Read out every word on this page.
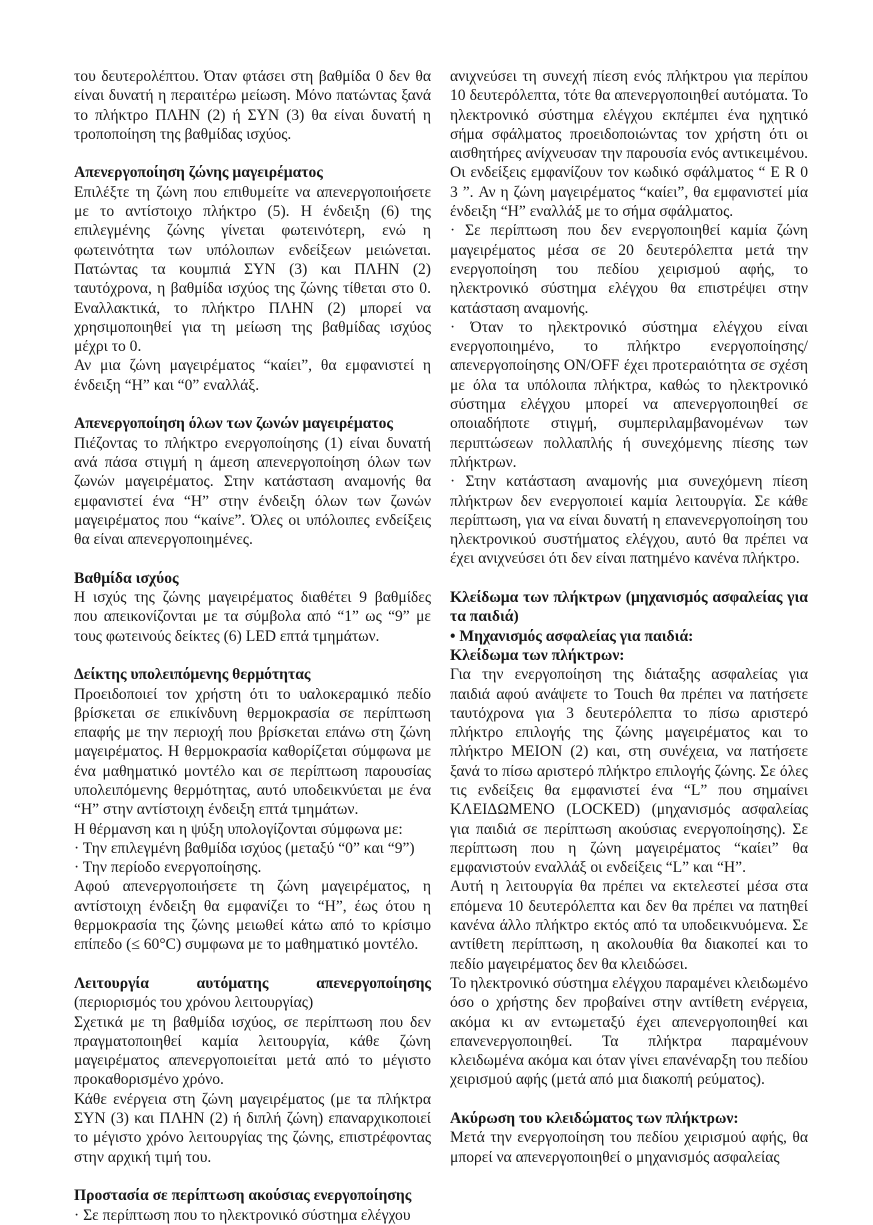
του δευτερολέπτου. Όταν φτάσει στη βαθμίδα 0 δεν θα είναι δυνατή η περαιτέρω μείωση. Μόνο πατώντας ξανά το πλήκτρο ΠΛΗΝ (2) ή ΣΥΝ (3) θα είναι δυνατή η τροποποίηση της βαθμίδας ισχύος.

Απενεργοποίηση ζώνης μαγειρέματος

Επιλέξτε τη ζώνη που επιθυμείτε να απενεργοποιήσετε με το αντίστοιχο πλήκτρο (5). Η ένδειξη (6) της επιλεγμένης ζώνης γίνεται φωτεινότερη, ενώ η φωτεινότητα των υπόλοιπων ενδείξεων μειώνεται. Πατώντας τα κουμπιά ΣΥΝ (3) και ΠΛΗΝ (2) ταυτόχρονα, η βαθμίδα ισχύος της ζώνης τίθεται στο 0. Εναλλακτικά, το πλήκτρο ΠΛΗΝ (2) μπορεί να χρησιμοποιηθεί για τη μείωση της βαθμίδας ισχύος μέχρι το 0.

Αν μια ζώνη μαγειρέματος “καίει”, θα εμφανιστεί η ένδειξη “H” και “0” εναλλάξ.

Απενεργοποίηση όλων των ζωνών μαγειρέματος

Πιέζοντας το πλήκτρο ενεργοποίησης (1) είναι δυνατή ανά πάσα στιγμή η άμεση απενεργοποίηση όλων των ζωνών μαγειρέματος. Στην κατάσταση αναμονής θα εμφανιστεί ένα “H” στην ένδειξη όλων των ζωνών μαγειρέματος που “καίνε”. Όλες οι υπόλοιπες ενδείξεις θα είναι απενεργοποιημένες.

Βαθμίδα ισχύος

Η ισχύς της ζώνης μαγειρέματος διαθέτει 9 βαθμίδες που απεικονίζονται με τα σύμβολα από “1” ως “9” με τους φωτεινούς δείκτες (6) LED επτά τμημάτων.

Δείκτης υπολειπόμενης θερμότητας

Προειδοποιεί τον χρήστη ότι το υαλοκεραμικό πεδίο βρίσκεται σε επικίνδυνη θερμοκρασία σε περίπτωση επαφής με την περιοχή που βρίσκεται επάνω στη ζώνη μαγειρέματος. Η θερμοκρασία καθορίζεται σύμφωνα με ένα μαθηματικό μοντέλο και σε περίπτωση παρουσίας υπολειπόμενης θερμότητας, αυτό υποδεικνύεται με ένα “H” στην αντίστοιχη ένδειξη επτά τμημάτων.

Η θέρμανση και η ψύξη υπολογίζονται σύμφωνα με:

· Την επιλεγμένη βαθμίδα ισχύος (μεταξύ “0” και “9”)

· Την περίοδο ενεργοποίησης.

Αφού απενεργοποιήσετε τη ζώνη μαγειρέματος, η αντίστοιχη ένδειξη θα εμφανίζει το “H”, έως ότου η θερμοκρασία της ζώνης μειωθεί κάτω από το κρίσιμο επίπεδο (≤ 60°C) συμφωνα με το μαθηματικό μοντέλο.

Λειτουργία αυτόματης απενεργοποίησης

(περιορισμός του χρόνου λειτουργίας)

Σχετικά με τη βαθμίδα ισχύος, σε περίπτωση που δεν πραγματοποιηθεί καμία λειτουργία, κάθε ζώνη μαγειρέματος απενεργοποιείται μετά από το μέγιστο προκαθορισμένο χρόνο.

Κάθε ενέργεια στη ζώνη μαγειρέματος (με τα πλήκτρα ΣΥΝ (3) και ΠΛΗΝ (2) ή διπλή ζώνη) επαναρχικοποιεί το μέγιστο χρόνο λειτουργίας της ζώνης, επιστρέφοντας στην αρχική τιμή του.

Προστασία σε περίπτωση ακούσιας ενεργοποίησης

· Σε περίπτωση που το ηλεκτρονικό σύστημα ελέγχου

ανιχνεύσει τη συνεχή πίεση ενός πλήκτρου για περίπου 10 δευτερόλεπτα, τότε θα απενεργοποιηθεί αυτόματα. Το ηλεκτρονικό σύστημα ελέγχου εκπέμπει ένα ηχητικό σήμα σφάλματος προειδοποιώντας τον χρήστη ότι οι αισθητήρες ανίχνευσαν την παρουσία ενός αντικειμένου. Οι ενδείξεις εμφανίζουν τον κωδικό σφάλματος “ E R 0 3 ”. Αν η ζώνη μαγειρέματος “καίει”, θα εμφανιστεί μία ένδειξη “H” εναλλάξ με το σήμα σφάλματος.

· Σε περίπτωση που δεν ενεργοποιηθεί καμία ζώνη μαγειρέματος μέσα σε 20 δευτερόλεπτα μετά την ενεργοποίηση του πεδίου χειρισμού αφής, το ηλεκτρονικό σύστημα ελέγχου θα επιστρέψει στην κατάσταση αναμονής.

· Όταν το ηλεκτρονικό σύστημα ελέγχου είναι ενεργοποιημένο, το πλήκτρο ενεργοποίησης/ απενεργοποίησης ON/OFF έχει προτεραιότητα σε σχέση με όλα τα υπόλοιπα πλήκτρα, καθώς το ηλεκτρονικό σύστημα ελέγχου μπορεί να απενεργοποιηθεί σε οποιαδήποτε στιγμή, συμπεριλαμβανομένων των περιπτώσεων πολλαπλής ή συνεχόμενης πίεσης των πλήκτρων.

· Στην κατάσταση αναμονής μια συνεχόμενη πίεση πλήκτρων δεν ενεργοποιεί καμία λειτουργία. Σε κάθε περίπτωση, για να είναι δυνατή η επανενεργοποίηση του ηλεκτρονικού συστήματος ελέγχου, αυτό θα πρέπει να έχει ανιχνεύσει ότι δεν είναι πατημένο κανένα πλήκτρο.

Κλείδωμα των πλήκτρων (μηχανισμός ασφαλείας για τα παιδιά)
• Μηχανισμός ασφαλείας για παιδιά:
Κλείδωμα των πλήκτρων:

Για την ενεργοποίηση της διάταξης ασφαλείας για παιδιά αφού ανάψετε το Touch θα πρέπει να πατήσετε ταυτόχρονα για 3 δευτερόλεπτα το πίσω αριστερό πλήκτρο επιλογής της ζώνης μαγειρέματος και το πλήκτρο ΜΕΙΟΝ (2) και, στη συνέχεια, να πατήσετε ξανά το πίσω αριστερό πλήκτρο επιλογής ζώνης. Σε όλες τις ενδείξεις θα εμφανιστεί ένα “L” που σημαίνει ΚΛΕΙΔΩΜΕΝΟ (LOCKED) (μηχανισμός ασφαλείας για παιδιά σε περίπτωση ακούσιας ενεργοποίησης). Σε περίπτωση που η ζώνη μαγειρέματος “καίει” θα εμφανιστούν εναλλάξ οι ενδείξεις “L” και “H”.

Αυτή η λειτουργία θα πρέπει να εκτελεστεί μέσα στα επόμενα 10 δευτερόλεπτα και δεν θα πρέπει να πατηθεί κανένα άλλο πλήκτρο εκτός από τα υποδεικνυόμενα. Σε αντίθετη περίπτωση, η ακολουθία θα διακοπεί και το πεδίο μαγειρέματος δεν θα κλειδώσει.

Το ηλεκτρονικό σύστημα ελέγχου παραμένει κλειδωμένο όσο ο χρήστης δεν προβαίνει στην αντίθετη ενέργεια, ακόμα κι αν εντωμεταξύ έχει απενεργοποιηθεί και επανενεργοποιηθεί. Τα πλήκτρα παραμένουν κλειδωμένα ακόμα και όταν γίνει επανέναρξη του πεδίου χειρισμού αφής (μετά από μια διακοπή ρεύματος).

Ακύρωση του κλειδώματος των πλήκτρων:

Μετά την ενεργοποίηση του πεδίου χειρισμού αφής, θα μπορεί να απενεργοποιηθεί ο μηχανισμός ασφαλείας
